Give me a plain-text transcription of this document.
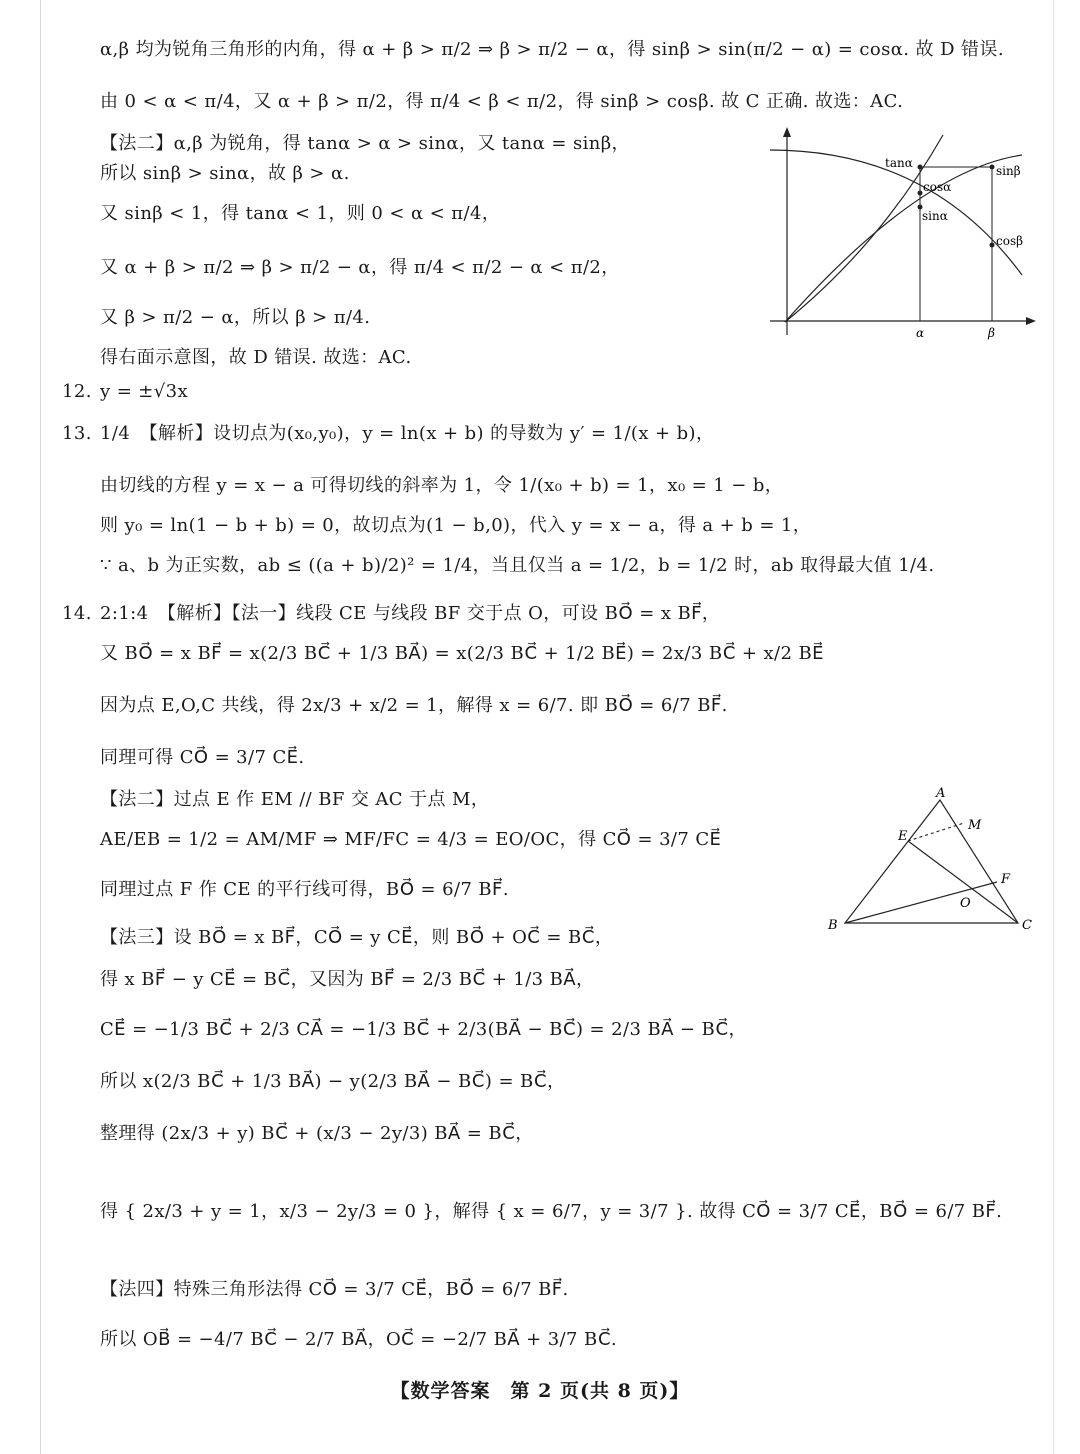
α,β 均为锐角三角形的内角，得 α + β > π/2 ⇒ β > π/2 − α，得 sinβ > sin(π/2 − α) = cosα. 故 D 错误.
由 0 < α < π/4，又 α + β > π/2，得 π/4 < β < π/2，得 sinβ > cosβ. 故 C 正确. 故选：AC.
【法二】α,β 为锐角，得 tanα > α > sinα，又 tanα = sinβ，
所以 sinβ > sinα，故 β > α.
又 sinβ < 1，得 tanα < 1，则 0 < α < π/4，
又 α + β > π/2 ⇒ β > π/2 − α，得 π/4 < π/2 − α < π/2，
又 β > π/2 − α，所以 β > π/4.
得右面示意图，故 D 错误. 故选：AC.
12. y = ±√3x
13. 1/4　【解析】设切点为(x₀,y₀)，y = ln(x + b) 的导数为 y′ = 1/(x + b)，
由切线的方程 y = x − a 可得切线的斜率为 1，令 1/(x₀ + b) = 1，x₀ = 1 − b，
则 y₀ = ln(1 − b + b) = 0，故切点为(1 − b,0)，代入 y = x − a，得 a + b = 1，
∵ a、b 为正实数，ab ≤ ((a + b)/2)² = 1/4，当且仅当 a = 1/2，b = 1/2 时，ab 取得最大值 1/4.
14. 2:1:4　【解析】【法一】线段 CE 与线段 BF 交于点 O，可设 BO⃗ = x BF⃗，
又 BO⃗ = x BF⃗ = x(2/3 BC⃗ + 1/3 BA⃗) = x(2/3 BC⃗ + 1/2 BE⃗) = 2x/3 BC⃗ + x/2 BE⃗
因为点 E,O,C 共线，得 2x/3 + x/2 = 1，解得 x = 6/7. 即 BO⃗ = 6/7 BF⃗.
同理可得 CO⃗ = 3/7 CE⃗.
【法二】过点 E 作 EM // BF 交 AC 于点 M，
AE/EB = 1/2 = AM/MF ⇒ MF/FC = 4/3 = EO/OC，得 CO⃗ = 3/7 CE⃗
同理过点 F 作 CE 的平行线可得，BO⃗ = 6/7 BF⃗.
【法三】设 BO⃗ = x BF⃗，CO⃗ = y CE⃗，则 BO⃗ + OC⃗ = BC⃗，
得 x BF⃗ − y CE⃗ = BC⃗，又因为 BF⃗ = 2/3 BC⃗ + 1/3 BA⃗，
CE⃗ = −1/3 BC⃗ + 2/3 CA⃗ = −1/3 BC⃗ + 2/3(BA⃗ − BC⃗) = 2/3 BA⃗ − BC⃗，
所以 x(2/3 BC⃗ + 1/3 BA⃗) − y(2/3 BA⃗ − BC⃗) = BC⃗，
整理得 (2x/3 + y) BC⃗ + (x/3 − 2y/3) BA⃗ = BC⃗，
得 { 2x/3 + y = 1，x/3 − 2y/3 = 0 }，解得 { x = 6/7，y = 3/7 }. 故得 CO⃗ = 3/7 CE⃗，BO⃗ = 6/7 BF⃗.
【法四】特殊三角形法得 CO⃗ = 3/7 CE⃗，BO⃗ = 6/7 BF⃗.
所以 OB⃗ = −4/7 BC⃗ − 2/7 BA⃗，OC⃗ = −2/7 BA⃗ + 3/7 BC⃗.
tanα
cosα
sinβ
sinα
cosβ
α	β
A
M
E
F
O
B	C
【数学答案　第 2 页(共 8 页)】
